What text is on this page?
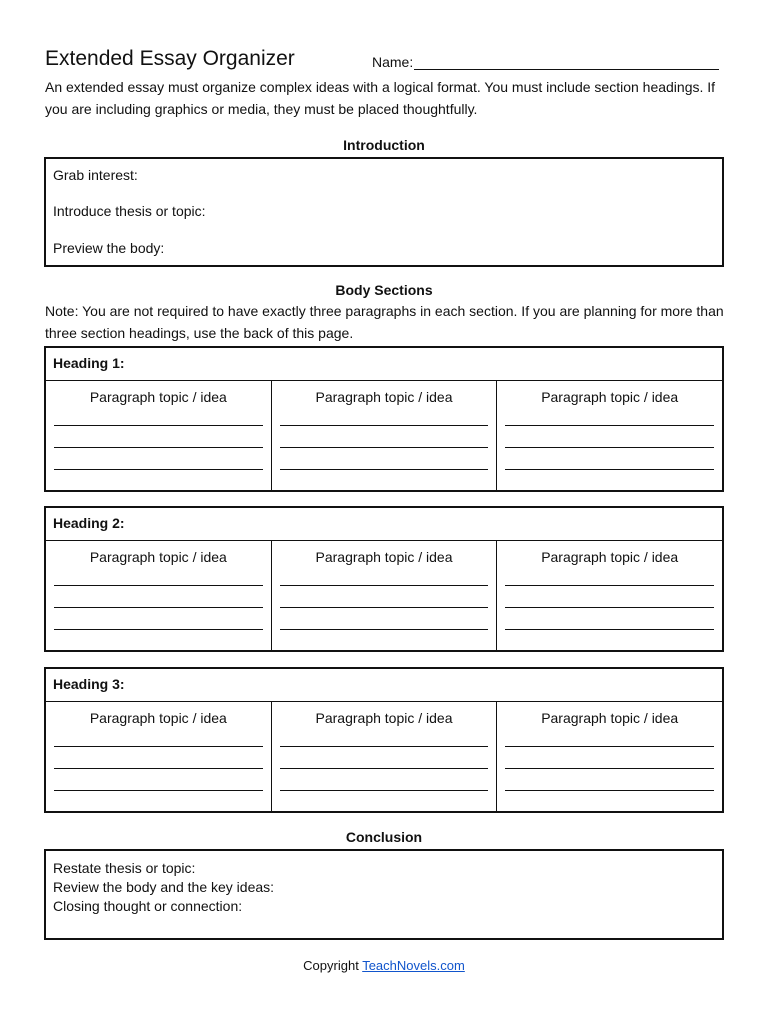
Extended Essay Organizer	Name:
An extended essay must organize complex ideas with a logical format. You must include section headings. If you are including graphics or media, they must be placed thoughtfully.
Introduction
Grab interest:
Introduce thesis or topic:
Preview the body:
Body Sections
Note: You are not required to have exactly three paragraphs in each section. If you are planning for more than three section headings, use the back of this page.
Heading 1:
Paragraph topic / idea	Paragraph topic / idea	Paragraph topic / idea
Heading 2:
Paragraph topic / idea	Paragraph topic / idea	Paragraph topic / idea
Heading 3:
Paragraph topic / idea	Paragraph topic / idea	Paragraph topic / idea
Conclusion
Restate thesis or topic:
Review the body and the key ideas:
Closing thought or connection:
Copyright TeachNovels.com
